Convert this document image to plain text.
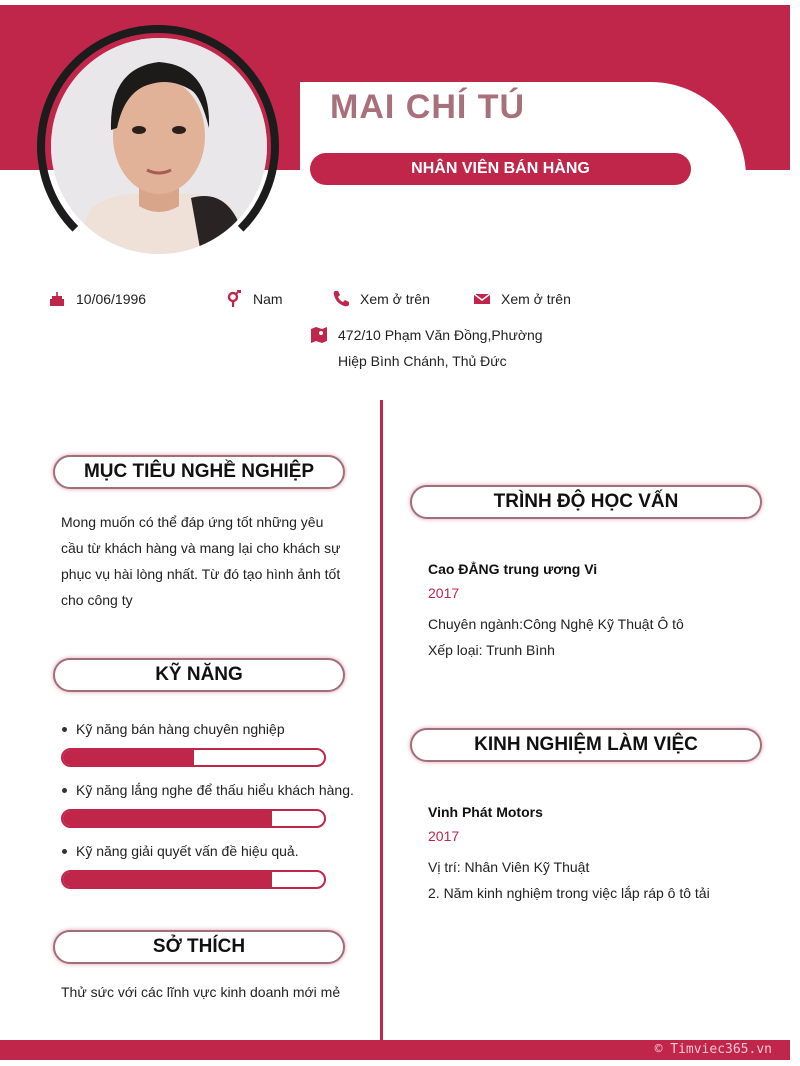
MAI CHÍ TÚ
NHÂN VIÊN BÁN HÀNG
10/06/1996	Nam	Xem ở trên	Xem ở trên
472/10 Phạm Văn Đồng,Phường
Hiệp Bình Chánh, Thủ Đức
MỤC TIÊU NGHỀ NGHIỆP
Mong muốn có thể đáp ứng tốt những yêu
cầu từ khách hàng và mang lại cho khách sự
phục vụ hài lòng nhất. Từ đó tạo hình ảnh tốt
cho công ty
KỸ NĂNG
Kỹ năng bán hàng chuyên nghiệp
Kỹ năng lắng nghe để thấu hiểu khách hàng.
Kỹ năng giải quyết vấn đề hiệu quả.
SỞ THÍCH
Thử sức với các lĩnh vực kinh doanh mới mẻ
TRÌNH ĐỘ HỌC VẤN
Cao ĐẲNG trung ương Vi
2017
Chuyên ngành:Công Nghệ Kỹ Thuật Ô tô
Xếp loại: Trunh Bình
KINH NGHIỆM LÀM VIỆC
Vinh Phát Motors
2017
Vị trí: Nhân Viên Kỹ Thuật
2. Năm kinh nghiệm trong việc lắp ráp ô tô tải
© Timviec365.vn
